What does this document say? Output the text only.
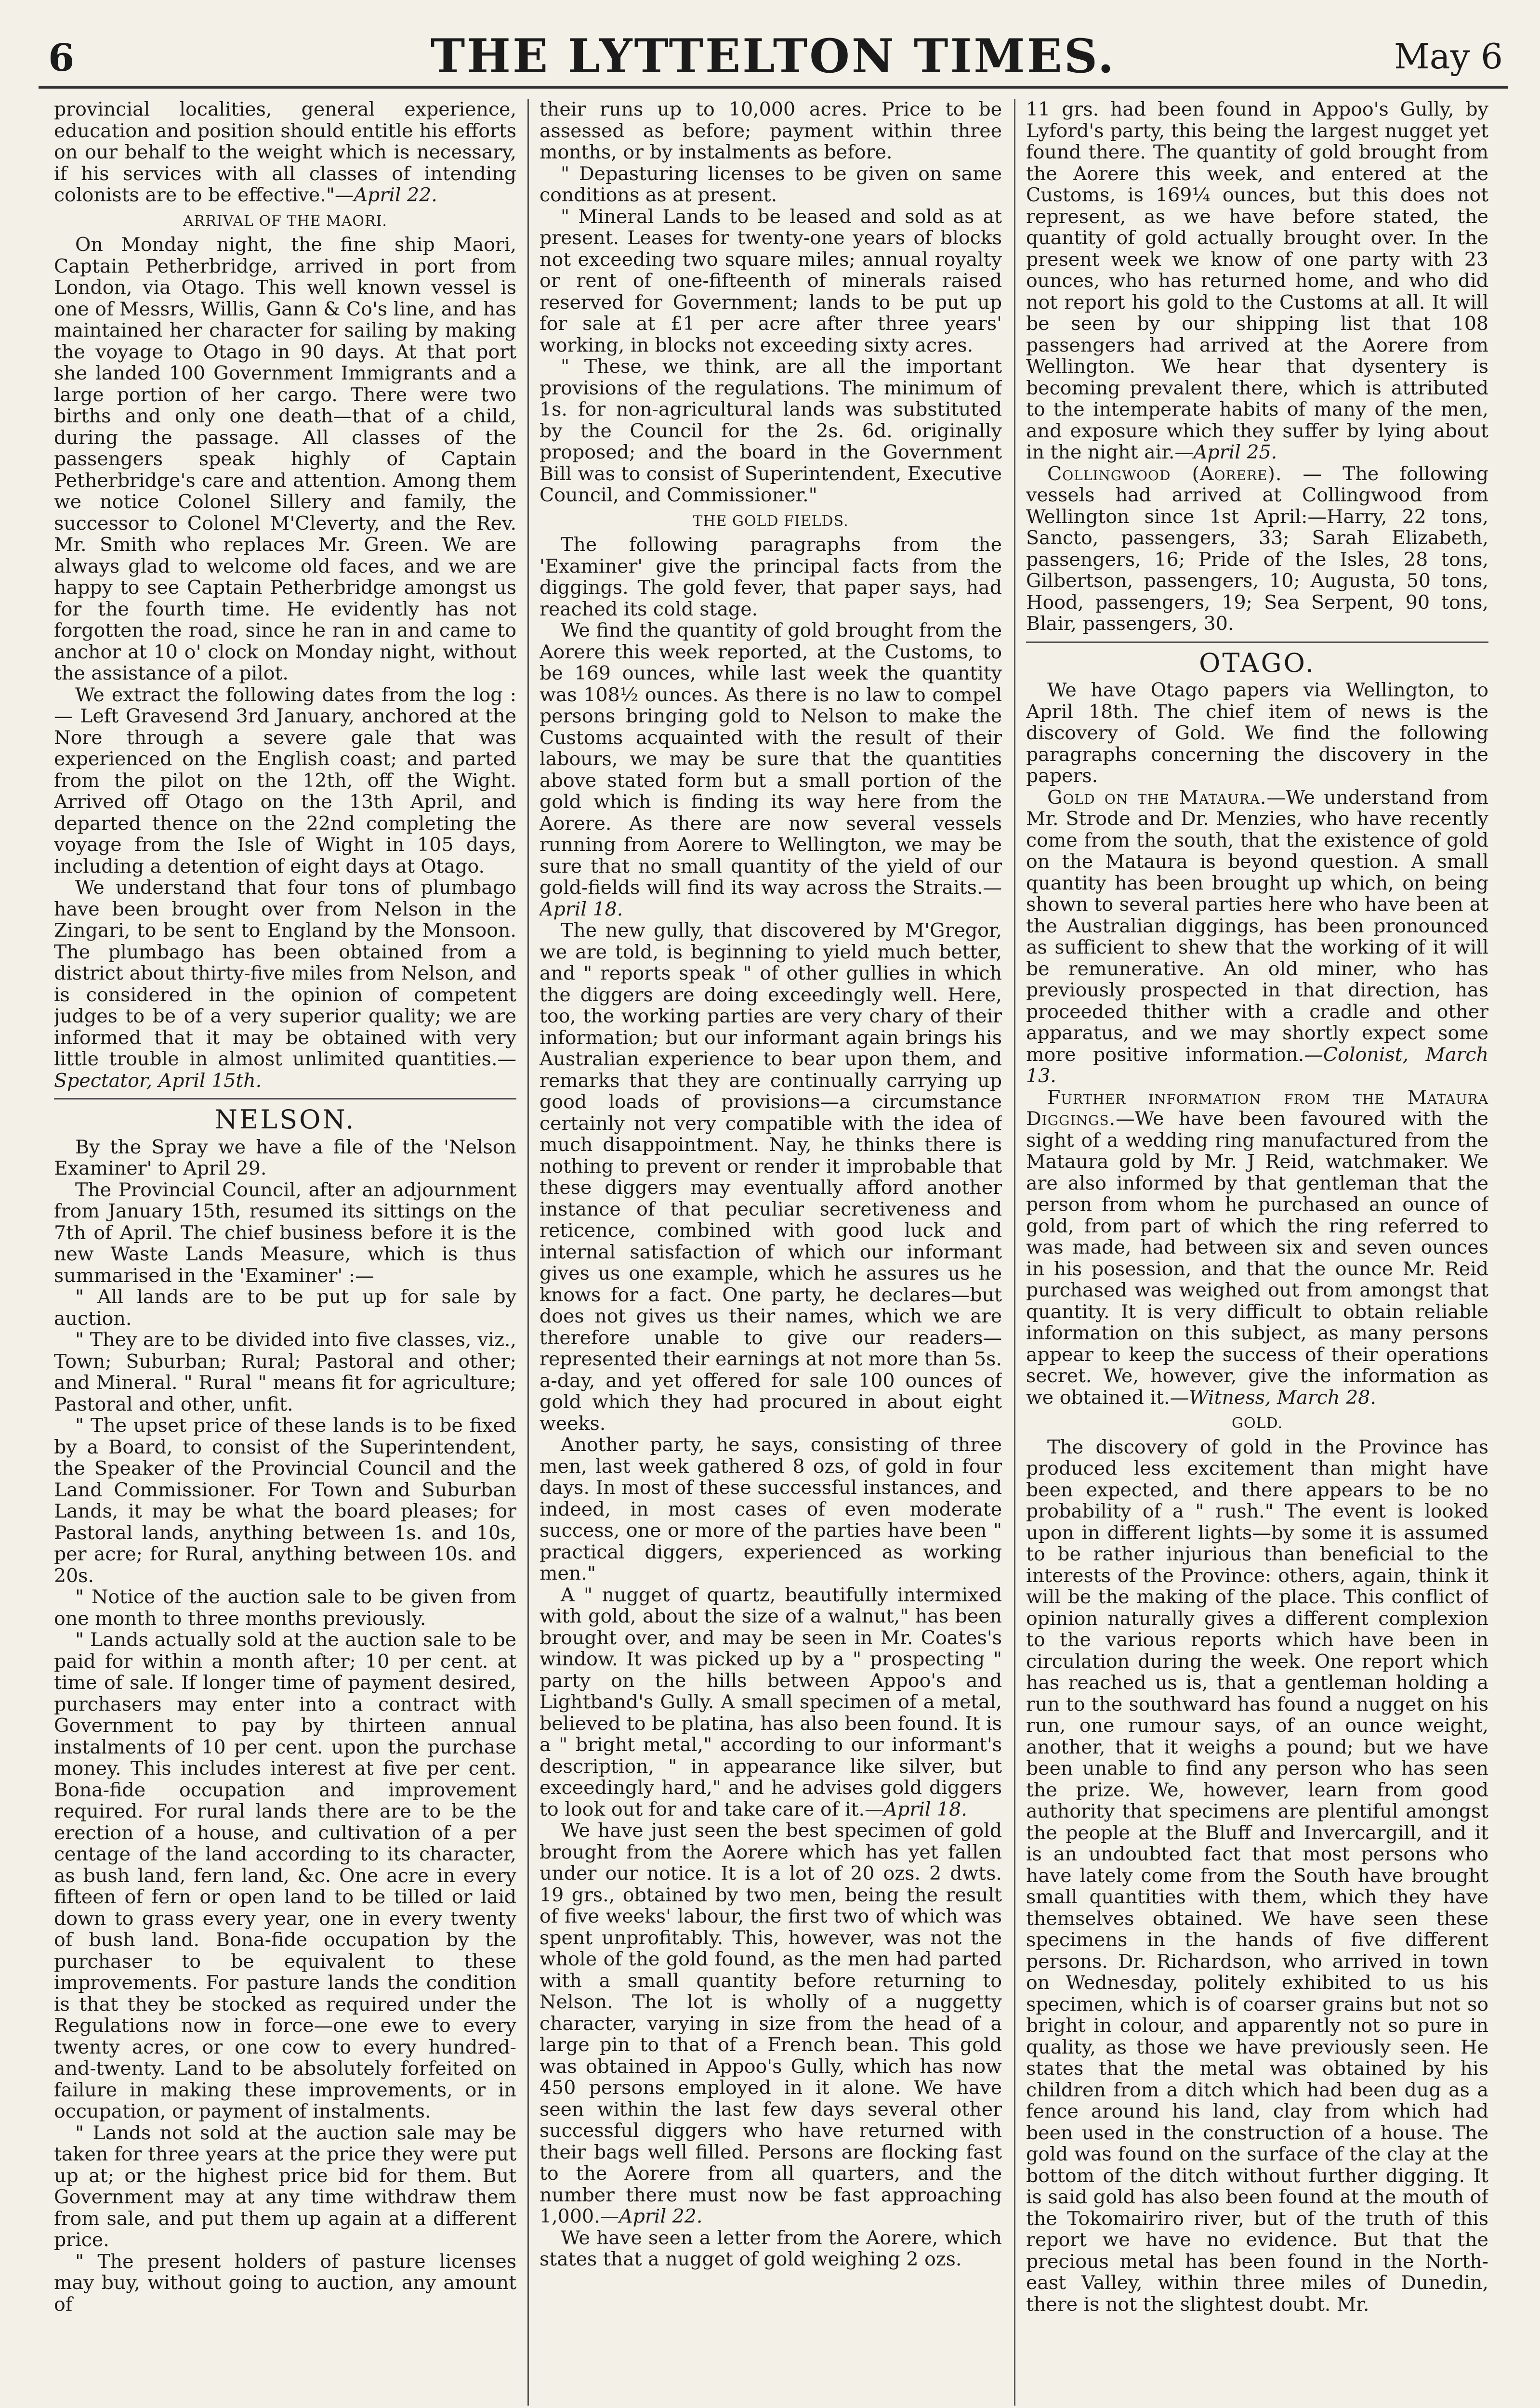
6	THE LYTTELTON TIMES.	May 6

provincial localities, general experience, education and position should entitle his efforts on our behalf to the weight which is necessary, if his services with all classes of intending colonists are to be effective."—April 22.

ARRIVAL OF THE MAORI.

On Monday night, the fine ship Maori, Captain Petherbridge, arrived in port from London, via Otago. This well known vessel is one of Messrs, Willis, Gann & Co's line, and has maintained her character for sailing by making the voyage to Otago in 90 days. At that port she landed 100 Government Immigrants and a large portion of her cargo. There were two births and only one death—that of a child, during the passage. All classes of the passengers speak highly of Captain Petherbridge's care and attention. Among them we notice Colonel Sillery and family, the successor to Colonel M'Cleverty, and the Rev. Mr. Smith who replaces Mr. Green. We are always glad to welcome old faces, and we are happy to see Captain Petherbridge amongst us for the fourth time. He evidently has not forgotten the road, since he ran in and came to anchor at 10 o' clock on Monday night, without the assistance of a pilot.

We extract the following dates from the log :— Left Gravesend 3rd January, anchored at the Nore through a severe gale that was experienced on the English coast; and parted from the pilot on the 12th, off the Wight. Arrived off Otago on the 13th April, and departed thence on the 22nd completing the voyage from the Isle of Wight in 105 days, including a detention of eight days at Otago.

We understand that four tons of plumbago have been brought over from Nelson in the Zingari, to be sent to England by the Monsoon. The plumbago has been obtained from a district about thirty-five miles from Nelson, and is considered in the opinion of competent judges to be of a very superior quality; we are informed that it may be obtained with very little trouble in almost unlimited quantities.—Spectator, April 15th.

NELSON.

By the Spray we have a file of the 'Nelson Examiner' to April 29.

The Provincial Council, after an adjournment from January 15th, resumed its sittings on the 7th of April. The chief business before it is the new Waste Lands Measure, which is thus summarised in the 'Examiner' :—

" All lands are to be put up for sale by auction.

" They are to be divided into five classes, viz., Town; Suburban; Rural; Pastoral and other; and Mineral. " Rural " means fit for agriculture; Pastoral and other, unfit.

" The upset price of these lands is to be fixed by a Board, to consist of the Superintendent, the Speaker of the Provincial Council and the Land Commissioner. For Town and Suburban Lands, it may be what the board pleases; for Pastoral lands, anything between 1s. and 10s, per acre; for Rural, anything between 10s. and 20s.

" Notice of the auction sale to be given from one month to three months previously.

" Lands actually sold at the auction sale to be paid for within a month after; 10 per cent. at time of sale. If longer time of payment desired, purchasers may enter into a contract with Government to pay by thirteen annual instalments of 10 per cent. upon the purchase money. This includes interest at five per cent. Bona-fide occupation and improvement required. For rural lands there are to be the erection of a house, and cultivation of a per centage of the land according to its character, as bush land, fern land, &c. One acre in every fifteen of fern or open land to be tilled or laid down to grass every year, one in every twenty of bush land. Bona-fide occupation by the purchaser to be equivalent to these improvements. For pasture lands the condition is that they be stocked as required under the Regulations now in force—one ewe to every twenty acres, or one cow to every hundred-and-twenty. Land to be absolutely forfeited on failure in making these improvements, or in occupation, or payment of instalments.

" Lands not sold at the auction sale may be taken for three years at the price they were put up at; or the highest price bid for them. But Government may at any time withdraw them from sale, and put them up again at a different price.

" The present holders of pasture licenses may buy, without going to auction, any amount of

their runs up to 10,000 acres. Price to be assessed as before; payment within three months, or by instalments as before.

" Depasturing licenses to be given on same conditions as at present.

" Mineral Lands to be leased and sold as at present. Leases for twenty-one years of blocks not exceeding two square miles; annual royalty or rent of one-fifteenth of minerals raised reserved for Government; lands to be put up for sale at £1 per acre after three years' working, in blocks not exceeding sixty acres.

" These, we think, are all the important provisions of the regulations. The minimum of 1s. for non-agricultural lands was substituted by the Council for the 2s. 6d. originally proposed; and the board in the Government Bill was to consist of Superintendent, Executive Council, and Commissioner."

THE GOLD FIELDS.

The following paragraphs from the 'Examiner' give the principal facts from the diggings. The gold fever, that paper says, had reached its cold stage.

We find the quantity of gold brought from the Aorere this week reported, at the Customs, to be 169 ounces, while last week the quantity was 108½ ounces. As there is no law to compel persons bringing gold to Nelson to make the Customs acquainted with the result of their labours, we may be sure that the quantities above stated form but a small portion of the gold which is finding its way here from the Aorere. As there are now several vessels running from Aorere to Wellington, we may be sure that no small quantity of the yield of our gold-fields will find its way across the Straits.—April 18.

The new gully, that discovered by M'Gregor, we are told, is beginning to yield much better, and " reports speak " of other gullies in which the diggers are doing exceedingly well. Here, too, the working parties are very chary of their information; but our informant again brings his Australian experience to bear upon them, and remarks that they are continually carrying up good loads of provisions—a circumstance certainly not very compatible with the idea of much disappointment. Nay, he thinks there is nothing to prevent or render it improbable that these diggers may eventually afford another instance of that peculiar secretiveness and reticence, combined with good luck and internal satisfaction of which our informant gives us one example, which he assures us he knows for a fact. One party, he declares—but does not gives us their names, which we are therefore unable to give our readers—represented their earnings at not more than 5s. a-day, and yet offered for sale 100 ounces of gold which they had procured in about eight weeks.

Another party, he says, consisting of three men, last week gathered 8 ozs, of gold in four days. In most of these successful instances, and indeed, in most cases of even moderate success, one or more of the parties have been " practical diggers, experienced as working men."

A " nugget of quartz, beautifully intermixed with gold, about the size of a walnut," has been brought over, and may be seen in Mr. Coates's window. It was picked up by a " prospecting " party on the hills between Appoo's and Lightband's Gully. A small specimen of a metal, believed to be platina, has also been found. It is a " bright metal," according to our informant's description, " in appearance like silver, but exceedingly hard," and he advises gold diggers to look out for and take care of it.—April 18.

We have just seen the best specimen of gold brought from the Aorere which has yet fallen under our notice. It is a lot of 20 ozs. 2 dwts. 19 grs., obtained by two men, being the result of five weeks' labour, the first two of which was spent unprofitably. This, however, was not the whole of the gold found, as the men had parted with a small quantity before returning to Nelson. The lot is wholly of a nuggetty character, varying in size from the head of a large pin to that of a French bean. This gold was obtained in Appoo's Gully, which has now 450 persons employed in it alone. We have seen within the last few days several other successful diggers who have returned with their bags well filled. Persons are flocking fast to the Aorere from all quarters, and the number there must now be fast approaching 1,000.—April 22.

We have seen a letter from the Aorere, which states that a nugget of gold weighing 2 ozs.

11 grs. had been found in Appoo's Gully, by Lyford's party, this being the largest nugget yet found there. The quantity of gold brought from the Aorere this week, and entered at the Customs, is 169¼ ounces, but this does not represent, as we have before stated, the quantity of gold actually brought over. In the present week we know of one party with 23 ounces, who has returned home, and who did not report his gold to the Customs at all. It will be seen by our shipping list that 108 passengers had arrived at the Aorere from Wellington. We hear that dysentery is becoming prevalent there, which is attributed to the intemperate habits of many of the men, and exposure which they suffer by lying about in the night air.—April 25.

Collingwood (Aorere). — The following vessels had arrived at Collingwood from Wellington since 1st April:—Harry, 22 tons, Sancto, passengers, 33; Sarah Elizabeth, passengers, 16; Pride of the Isles, 28 tons, Gilbertson, passengers, 10; Augusta, 50 tons, Hood, passengers, 19; Sea Serpent, 90 tons, Blair, passengers, 30.

OTAGO.

We have Otago papers via Wellington, to April 18th. The chief item of news is the discovery of Gold. We find the following paragraphs concerning the discovery in the papers.

Gold on the Mataura.—We understand from Mr. Strode and Dr. Menzies, who have recently come from the south, that the existence of gold on the Mataura is beyond question. A small quantity has been brought up which, on being shown to several parties here who have been at the Australian diggings, has been pronounced as sufficient to shew that the working of it will be remunerative. An old miner, who has previously prospected in that direction, has proceeded thither with a cradle and other apparatus, and we may shortly expect some more positive information.—Colonist, March 13.

Further information from the Mataura Diggings.—We have been favoured with the sight of a wedding ring manufactured from the Mataura gold by Mr. J Reid, watchmaker. We are also informed by that gentleman that the person from whom he purchased an ounce of gold, from part of which the ring referred to was made, had between six and seven ounces in his posession, and that the ounce Mr. Reid purchased was weighed out from amongst that quantity. It is very difficult to obtain reliable information on this subject, as many persons appear to keep the success of their operations secret. We, however, give the information as we obtained it.—Witness, March 28.

GOLD.

The discovery of gold in the Province has produced less excitement than might have been expected, and there appears to be no probability of a " rush." The event is looked upon in different lights—by some it is assumed to be rather injurious than beneficial to the interests of the Province: others, again, think it will be the making of the place. This conflict of opinion naturally gives a different complexion to the various reports which have been in circulation during the week. One report which has reached us is, that a gentleman holding a run to the southward has found a nugget on his run, one rumour says, of an ounce weight, another, that it weighs a pound; but we have been unable to find any person who has seen the prize. We, however, learn from good authority that specimens are plentiful amongst the people at the Bluff and Invercargill, and it is an undoubted fact that most persons who have lately come from the South have brought small quantities with them, which they have themselves obtained. We have seen these specimens in the hands of five different persons. Dr. Richardson, who arrived in town on Wednesday, politely exhibited to us his specimen, which is of coarser grains but not so bright in colour, and apparently not so pure in quality, as those we have previously seen. He states that the metal was obtained by his children from a ditch which had been dug as a fence around his land, clay from which had been used in the construction of a house. The gold was found on the surface of the clay at the bottom of the ditch without further digging. It is said gold has also been found at the mouth of the Tokomairiro river, but of the truth of this report we have no evidence. But that the precious metal has been found in the North-east Valley, within three miles of Dunedin, there is not the slightest doubt. Mr.
